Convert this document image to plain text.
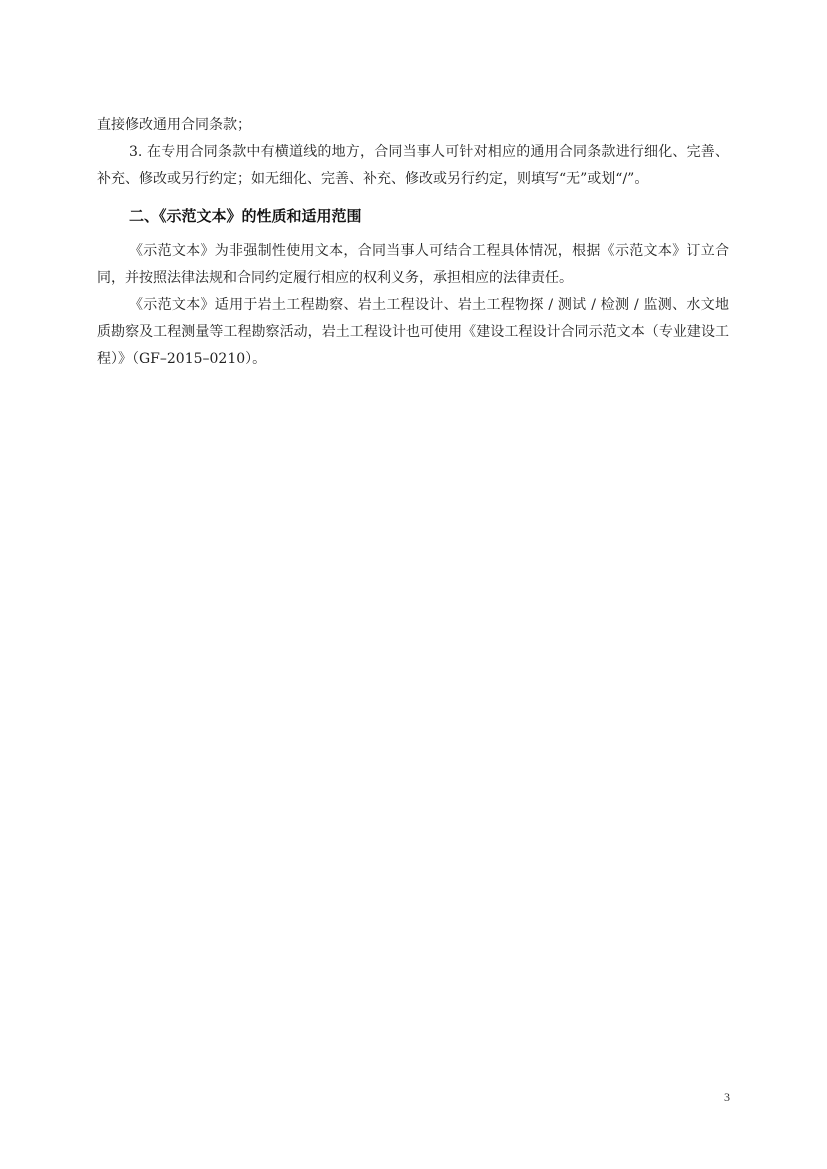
直接修改通用合同条款；

3. 在专用合同条款中有横道线的地方，合同当事人可针对相应的通用合同条款进行细化、完善、补充、修改或另行约定；如无细化、完善、补充、修改或另行约定，则填写“无”或划“/”。

二、《示范文本》的性质和适用范围

《示范文本》为非强制性使用文本，合同当事人可结合工程具体情况，根据《示范文本》订立合同，并按照法律法规和合同约定履行相应的权利义务，承担相应的法律责任。

《示范文本》适用于岩土工程勘察、岩土工程设计、岩土工程物探 / 测试 / 检测 / 监测、水文地质勘察及工程测量等工程勘察活动，岩土工程设计也可使用《建设工程设计合同示范文本（专业建设工程）》（GF–2015–0210）。

3
